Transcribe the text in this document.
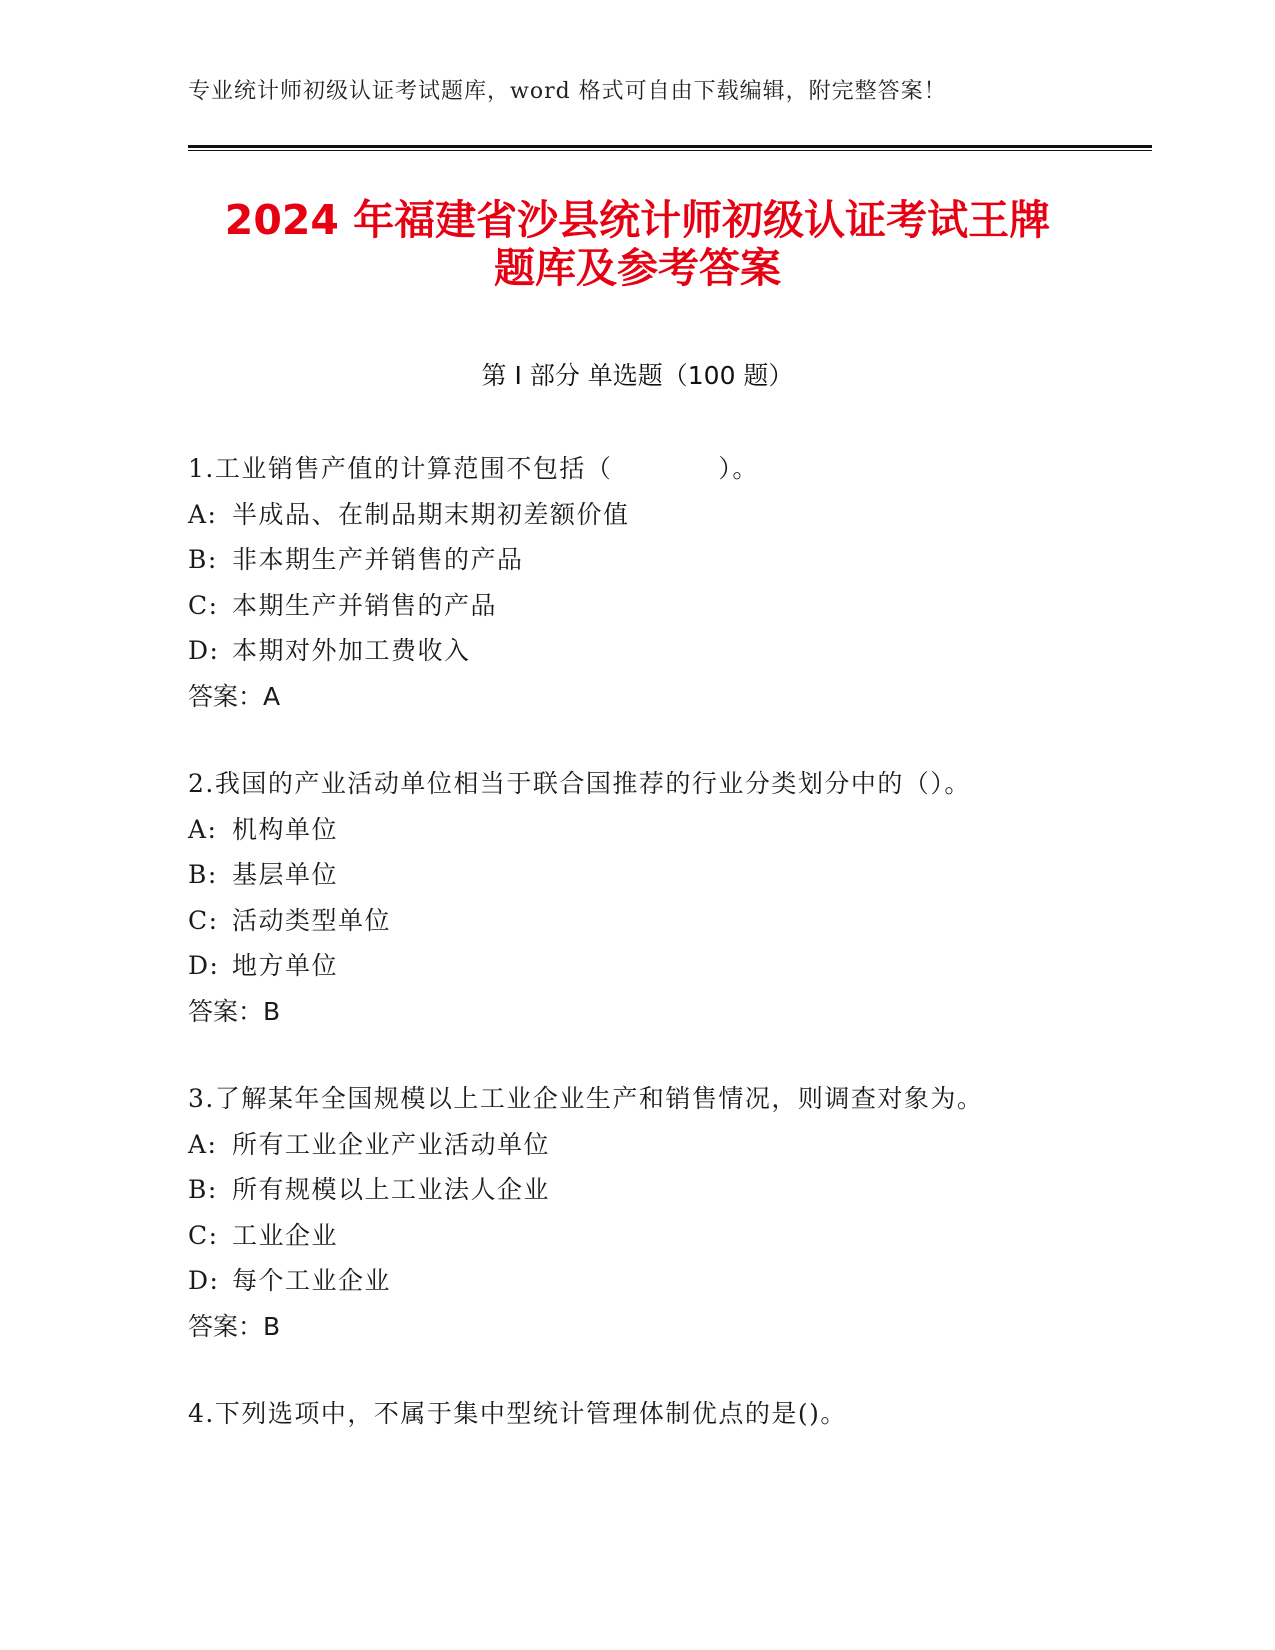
专业统计师初级认证考试题库，word 格式可自由下载编辑，附完整答案！
2024 年福建省沙县统计师初级认证考试王牌
题库及参考答案
第 I 部分 单选题（100 题）
1.工业销售产值的计算范围不包括（　　　　）。
A: 半成品、在制品期末期初差额价值
B: 非本期生产并销售的产品
C: 本期生产并销售的产品
D: 本期对外加工费收入
答案：A
2.我国的产业活动单位相当于联合国推荐的行业分类划分中的（）。
A: 机构单位
B: 基层单位
C: 活动类型单位
D: 地方单位
答案：B
3.了解某年全国规模以上工业企业生产和销售情况，则调查对象为。
A: 所有工业企业产业活动单位
B: 所有规模以上工业法人企业
C: 工业企业
D: 每个工业企业
答案：B
4.下列选项中，不属于集中型统计管理体制优点的是()。
